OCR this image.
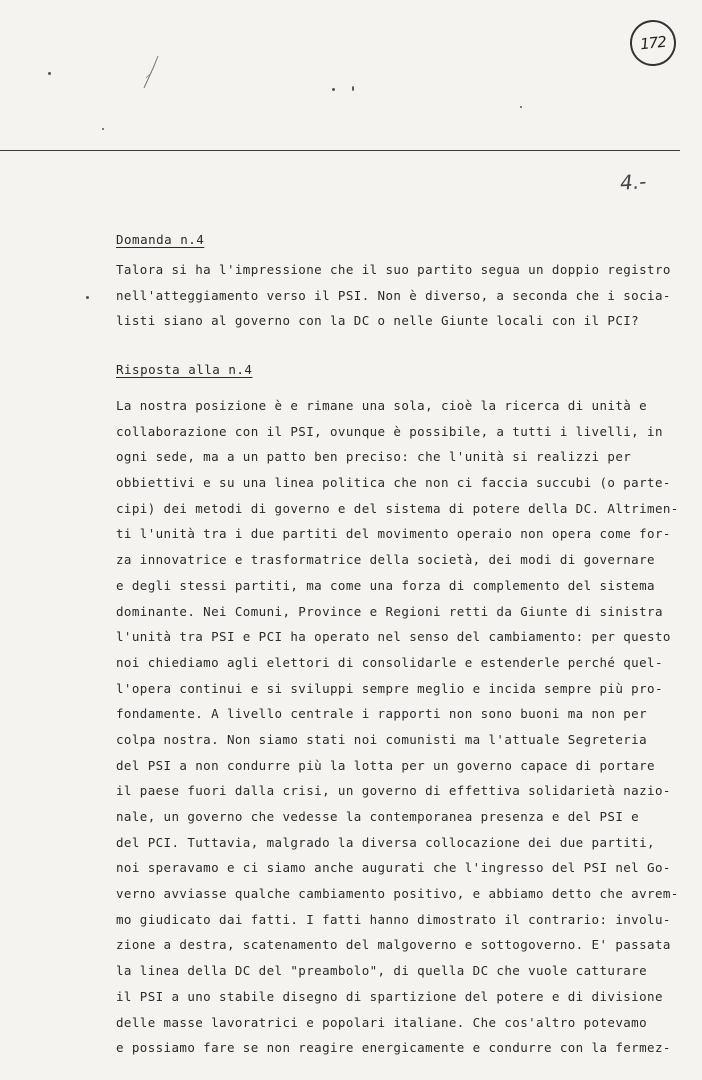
172
4.-
Domanda n.4
Talora si ha l'impressione che il suo partito segua un doppio registro
nell'atteggiamento verso il PSI. Non è diverso, a seconda che i socia-
listi siano al governo con la DC o nelle Giunte locali con il PCI?
Risposta alla n.4
La nostra posizione è e rimane una sola, cioè la ricerca di unità e
collaborazione con il PSI, ovunque è possibile, a tutti i livelli, in
ogni sede, ma a un patto ben preciso: che l'unità si realizzi per
obbiettivi e su una linea politica che non ci faccia succubi (o parte-
cipi) dei metodi di governo e del sistema di potere della DC. Altrimen-
ti l'unità tra i due partiti del movimento operaio non opera come for-
za innovatrice e trasformatrice della società, dei modi di governare
e degli stessi partiti, ma come una forza di complemento del sistema
dominante. Nei Comuni, Province e Regioni retti da Giunte di sinistra
l'unità tra PSI e PCI ha operato nel senso del cambiamento: per questo
noi chiediamo agli elettori di consolidarle e estenderle perché quel-
l'opera continui e si sviluppi sempre meglio e incida sempre più pro-
fondamente. A livello centrale i rapporti non sono buoni ma non per
colpa nostra. Non siamo stati noi comunisti ma l'attuale Segreteria
del PSI a non condurre più la lotta per un governo capace di portare
il paese fuori dalla crisi, un governo di effettiva solidarietà nazio-
nale, un governo che vedesse la contemporanea presenza e del PSI e
del PCI. Tuttavia, malgrado la diversa collocazione dei due partiti,
noi speravamo e ci siamo anche augurati che l'ingresso del PSI nel Go-
verno avviasse qualche cambiamento positivo, e abbiamo detto che avrem-
mo giudicato dai fatti. I fatti hanno dimostrato il contrario: involu-
zione a destra, scatenamento del malgoverno e sottogoverno. E' passata
la linea della DC del "preambolo", di quella DC che vuole catturare
il PSI a uno stabile disegno di spartizione del potere e di divisione
delle masse lavoratrici e popolari italiane. Che cos'altro potevamo
e possiamo fare se non reagire energicamente e condurre con la fermez-
